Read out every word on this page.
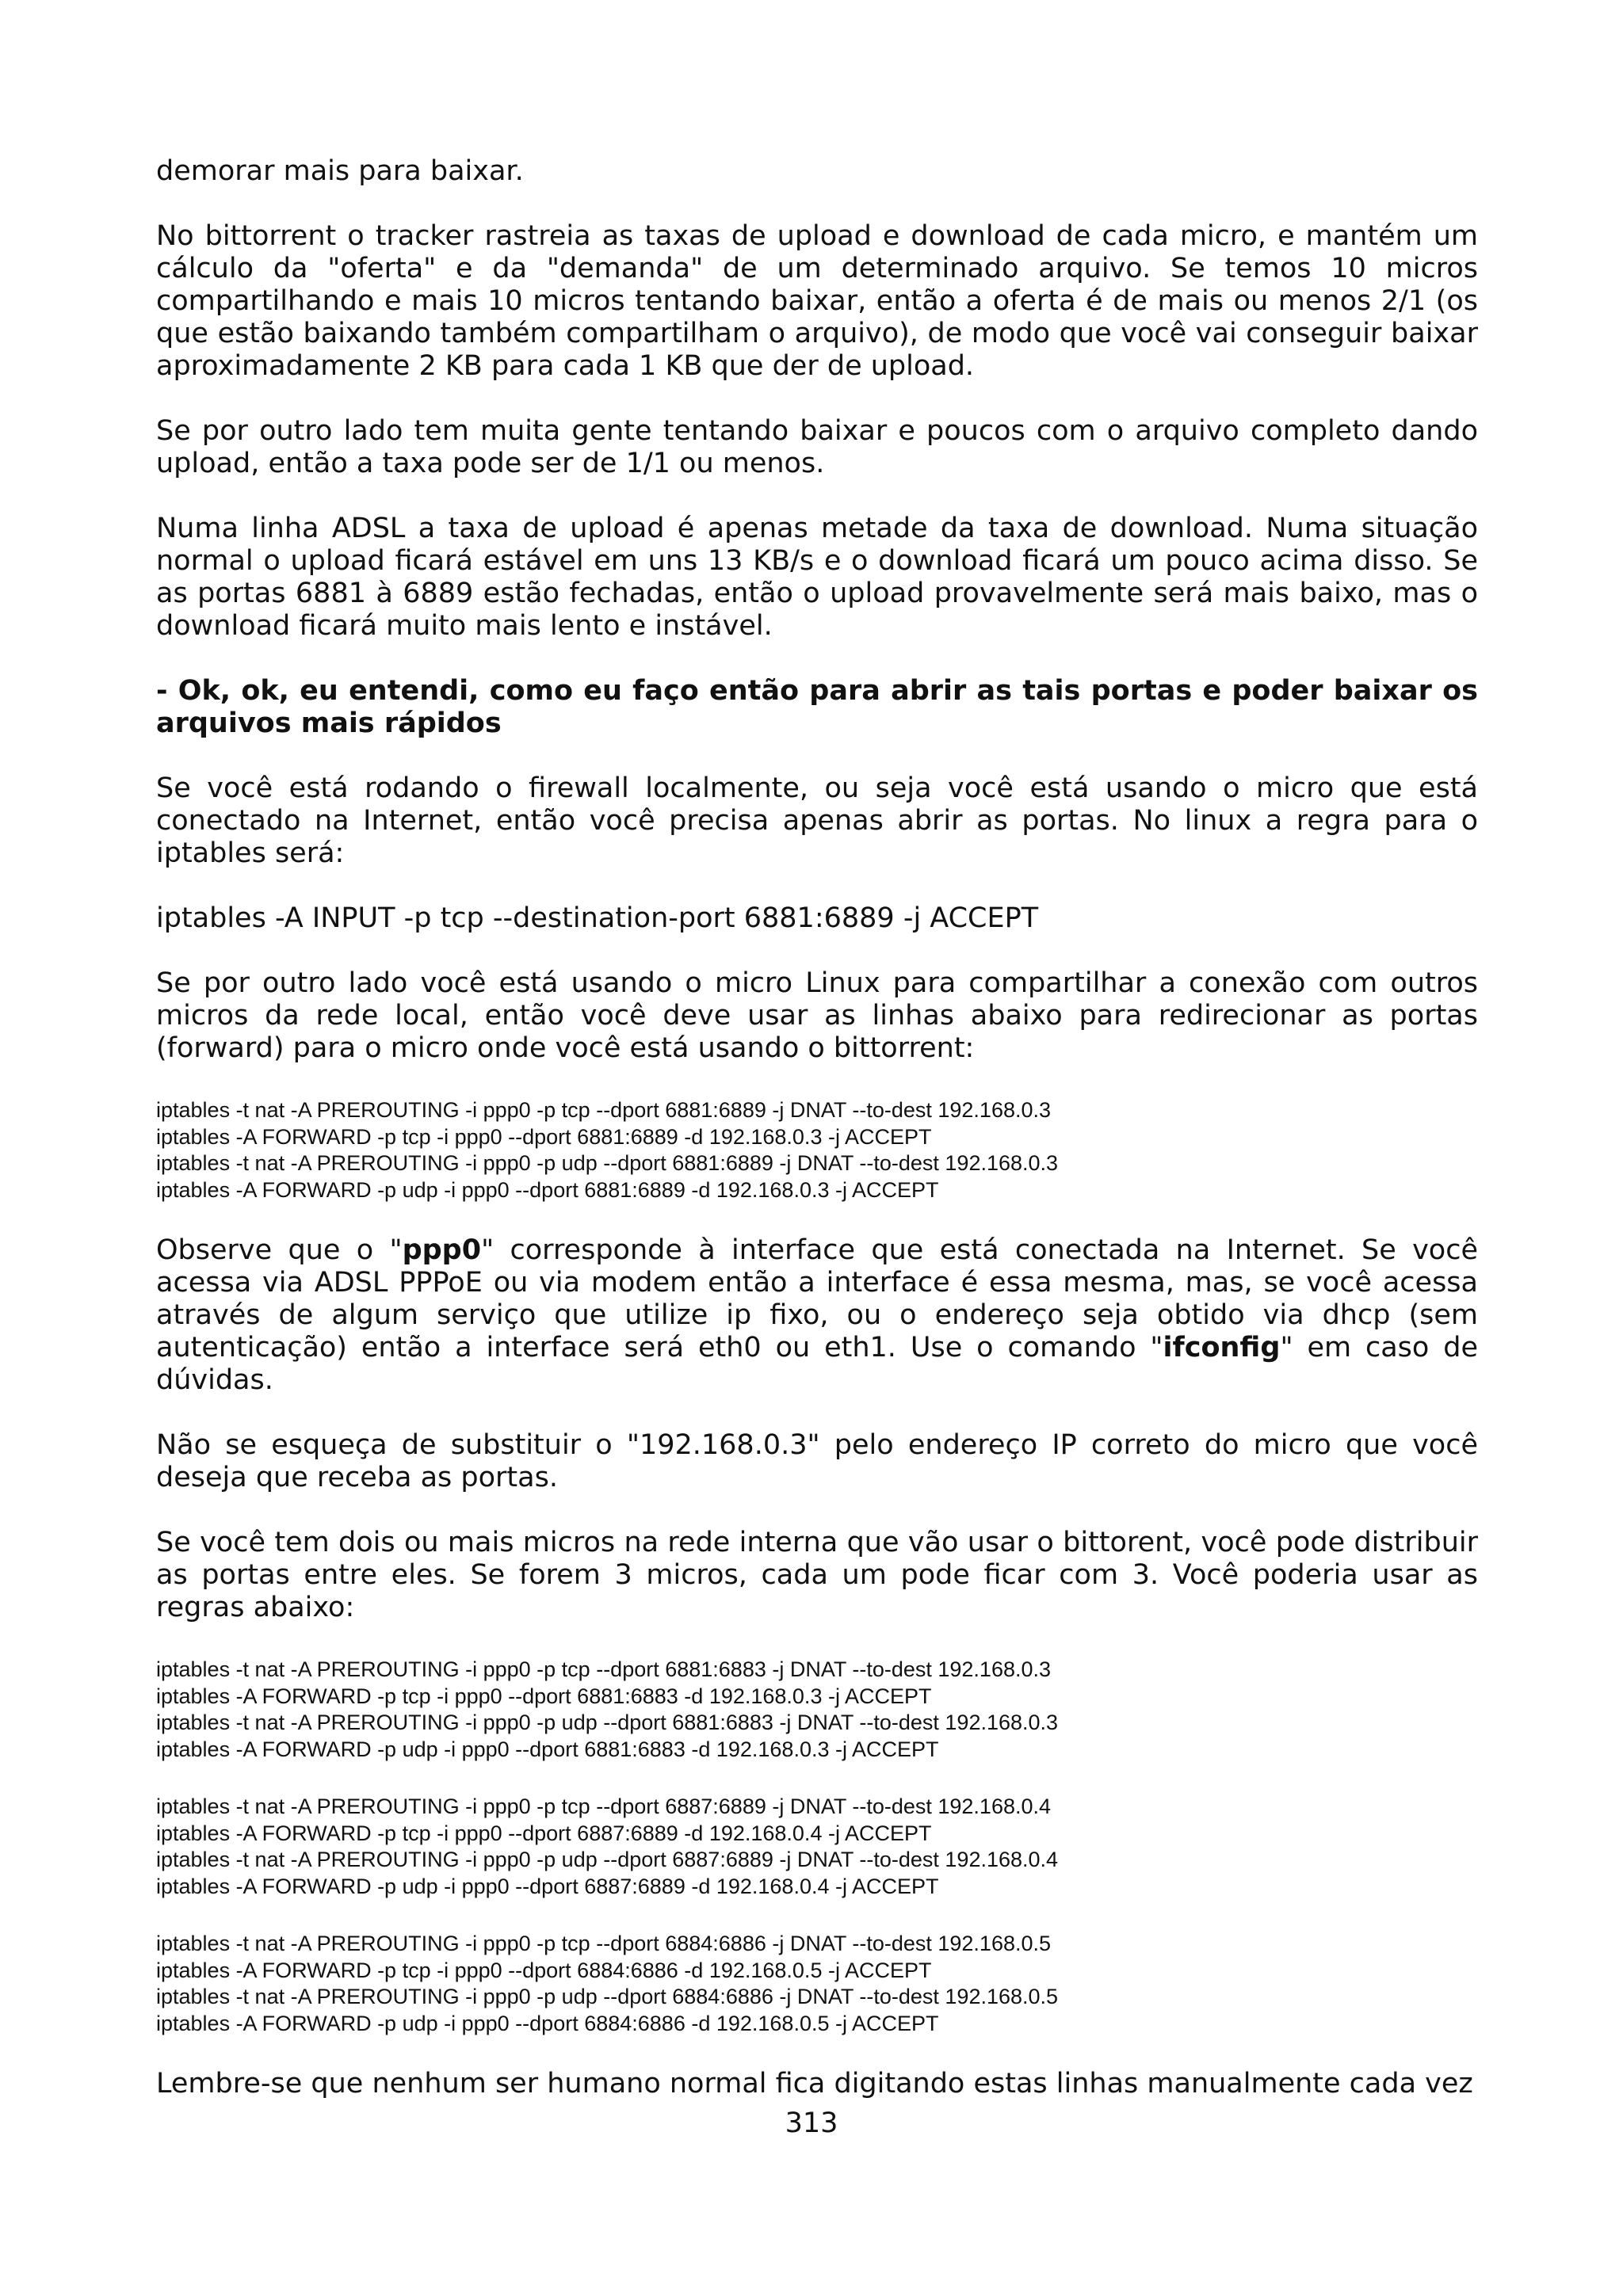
demorar mais para baixar.

No bittorrent o tracker rastreia as taxas de upload e download de cada micro, e mantém um cálculo da "oferta" e da "demanda" de um determinado arquivo. Se temos 10 micros compartilhando e mais 10 micros tentando baixar, então a oferta é de mais ou menos 2/1 (os que estão baixando também compartilham o arquivo), de modo que você vai conseguir baixar aproximadamente 2 KB para cada 1 KB que der de upload.

Se por outro lado tem muita gente tentando baixar e poucos com o arquivo completo dando upload, então a taxa pode ser de 1/1 ou menos.

Numa linha ADSL a taxa de upload é apenas metade da taxa de download. Numa situação normal o upload ficará estável em uns 13 KB/s e o download ficará um pouco acima disso. Se as portas 6881 à 6889 estão fechadas, então o upload provavelmente será mais baixo, mas o download ficará muito mais lento e instável.

- Ok, ok, eu entendi, como eu faço então para abrir as tais portas e poder baixar os arquivos mais rápidos

Se você está rodando o firewall localmente, ou seja você está usando o micro que está conectado na Internet, então você precisa apenas abrir as portas. No linux a regra para o iptables será:

iptables -A INPUT -p tcp --destination-port 6881:6889 -j ACCEPT

Se por outro lado você está usando o micro Linux para compartilhar a conexão com outros micros da rede local, então você deve usar as linhas abaixo para redirecionar as portas (forward) para o micro onde você está usando o bittorrent:

iptables -t nat -A PREROUTING -i ppp0 -p tcp --dport 6881:6889 -j DNAT --to-dest 192.168.0.3
iptables -A FORWARD -p tcp -i ppp0 --dport 6881:6889 -d 192.168.0.3 -j ACCEPT
iptables -t nat -A PREROUTING -i ppp0 -p udp --dport 6881:6889 -j DNAT --to-dest 192.168.0.3
iptables -A FORWARD -p udp -i ppp0 --dport 6881:6889 -d 192.168.0.3 -j ACCEPT

Observe que o "ppp0" corresponde à interface que está conectada na Internet. Se você acessa via ADSL PPPoE ou via modem então a interface é essa mesma, mas, se você acessa através de algum serviço que utilize ip fixo, ou o endereço seja obtido via dhcp (sem autenticação) então a interface será eth0 ou eth1. Use o comando "ifconfig" em caso de dúvidas.

Não se esqueça de substituir o "192.168.0.3" pelo endereço IP correto do micro que você deseja que receba as portas.

Se você tem dois ou mais micros na rede interna que vão usar o bittorent, você pode distribuir as portas entre eles. Se forem 3 micros, cada um pode ficar com 3. Você poderia usar as regras abaixo:

iptables -t nat -A PREROUTING -i ppp0 -p tcp --dport 6881:6883 -j DNAT --to-dest 192.168.0.3
iptables -A FORWARD -p tcp -i ppp0 --dport 6881:6883 -d 192.168.0.3 -j ACCEPT
iptables -t nat -A PREROUTING -i ppp0 -p udp --dport 6881:6883 -j DNAT --to-dest 192.168.0.3
iptables -A FORWARD -p udp -i ppp0 --dport 6881:6883 -d 192.168.0.3 -j ACCEPT
iptables -t nat -A PREROUTING -i ppp0 -p tcp --dport 6887:6889 -j DNAT --to-dest 192.168.0.4
iptables -A FORWARD -p tcp -i ppp0 --dport 6887:6889 -d 192.168.0.4 -j ACCEPT
iptables -t nat -A PREROUTING -i ppp0 -p udp --dport 6887:6889 -j DNAT --to-dest 192.168.0.4
iptables -A FORWARD -p udp -i ppp0 --dport 6887:6889 -d 192.168.0.4 -j ACCEPT
iptables -t nat -A PREROUTING -i ppp0 -p tcp --dport 6884:6886 -j DNAT --to-dest 192.168.0.5
iptables -A FORWARD -p tcp -i ppp0 --dport 6884:6886 -d 192.168.0.5 -j ACCEPT
iptables -t nat -A PREROUTING -i ppp0 -p udp --dport 6884:6886 -j DNAT --to-dest 192.168.0.5
iptables -A FORWARD -p udp -i ppp0 --dport 6884:6886 -d 192.168.0.5 -j ACCEPT

Lembre-se que nenhum ser humano normal fica digitando estas linhas manualmente cada vez

313
